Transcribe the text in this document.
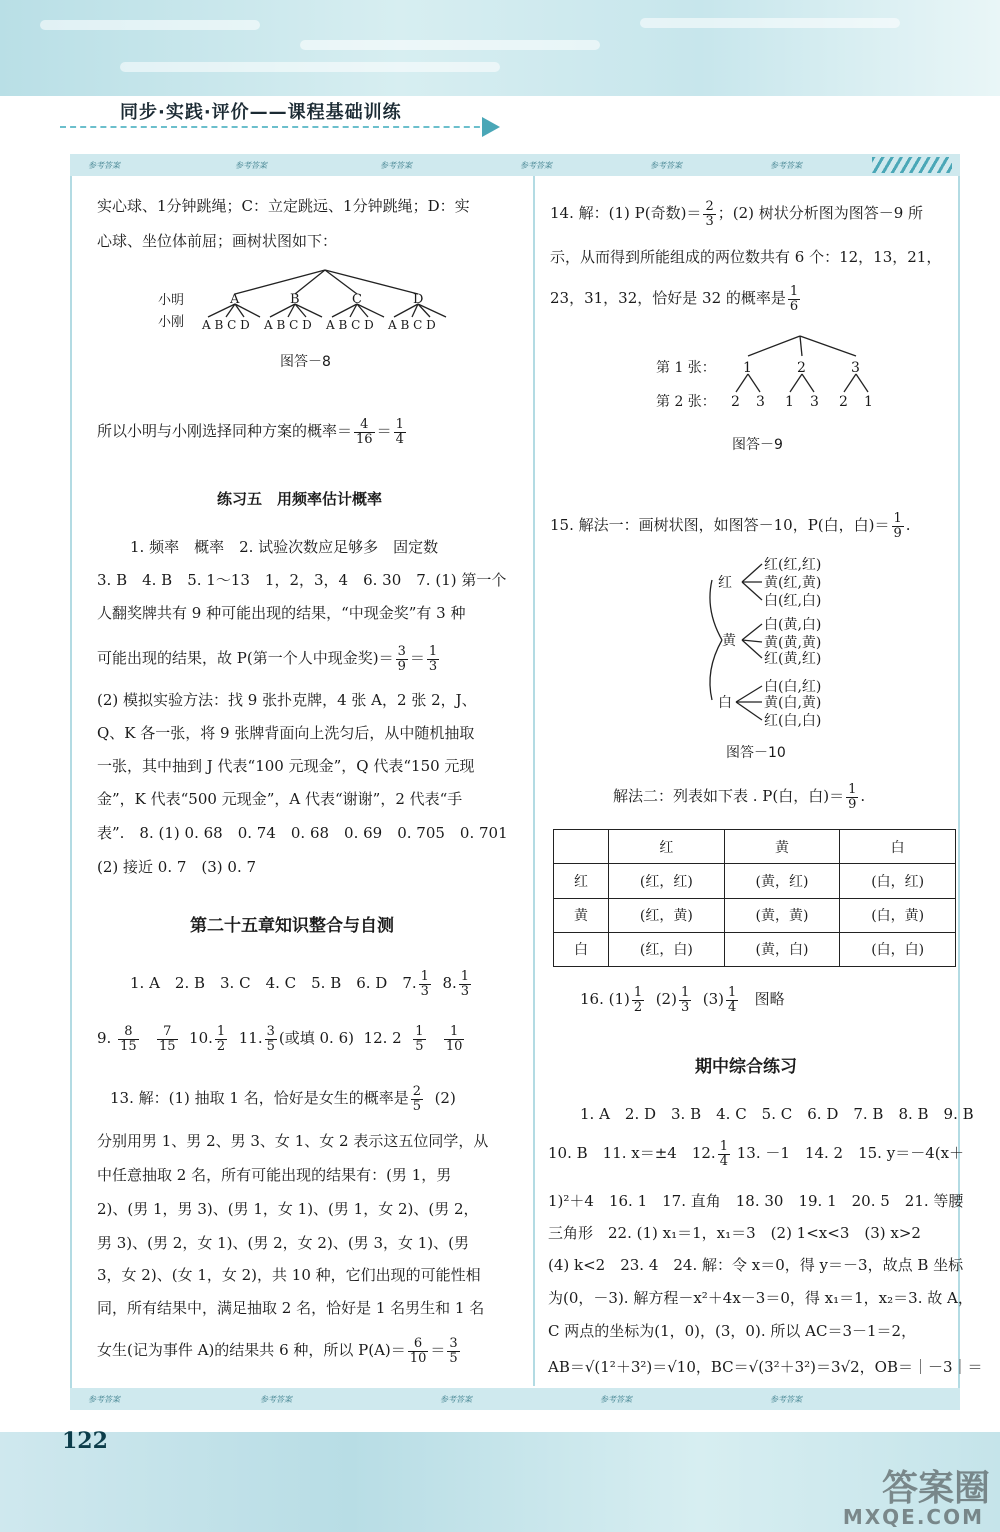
同步·实践·评价——课程基础训练
参考答案	参考答案	参考答案	参考答案	参考答案	参考答案
参考答案	参考答案	参考答案	参考答案	参考答案
实心球、1分钟跳绳；C：立定跳远、1分钟跳绳；D：实
心球、坐位体前屈；画树状图如下：
小明
小刚
A	B	C	D
A B C D A B C D A B C D A B C D
图答－8
所以小明与小刚选择同种方案的概率＝ $\frac{4}{16} = \frac{1}{4}$
练习五　用频率估计概率
1. 频率　概率　2. 试验次数应足够多　固定数
3. B　4. B　5. 1～13　1，2，3，4　6. 30　7. (1) 第一个
人翻奖牌共有 9 种可能出现的结果，“中现金奖”有 3 种
可能出现的结果，故 P(第一个人中现金奖)＝ $\frac{3}{9} = \frac{1}{3}$
(2) 模拟实验方法：找 9 张扑克牌，4 张 A，2 张 2，J、
Q、K 各一张，将 9 张牌背面向上洗匀后，从中随机抽取
一张，其中抽到 J 代表“100 元现金”，Q 代表“150 元现
金”，K 代表“500 元现金”，A 代表“谢谢”，2 代表“手
表”.　8. (1) 0. 68　0. 74　0. 68　0. 69　0. 705　0. 701
(2) 接近 0. 7　(3) 0. 7
第二十五章知识整合与自测
1. A　2. B　3. C　4. C　5. B　6. D　7. $\frac{1}{3} 8$. $\frac{1}{3}$
9. $\frac{8}{15}$
$\frac{7}{15} 10$. $\frac{1}{2} 11$. $\frac{3}{5}$ (或填 0. 6) 12. $2 \frac{1}{5}$
$\frac{1}{10}$
13. 解：(1) 抽取 1 名，恰好是女生的概率是 $\frac{2}{5} (2)$
分别用男 1、男 2、男 3、女 1、女 2 表示这五位同学，从
中任意抽取 2 名，所有可能出现的结果有：(男 1，男
2)、(男 1，男 3)、(男 1，女 1)、(男 1，女 2)、(男 2，
男 3)、(男 2，女 1)、(男 2，女 2)、(男 3，女 1)、(男
3，女 2)、(女 1，女 2)，共 10 种，它们出现的可能性相
同，所有结果中，满足抽取 2 名，恰好是 1 名男生和 1 名
女生(记为事件 A)的结果共 6 种，所以 $P(A)= \frac{6}{10} = \frac{3}{5}$
14. 解：(1) P(奇数)＝ $\frac{2}{3}$ ；(2) 树状分析图为图答－9 所
示，从而得到所能组成的两位数共有 6 个：12，13，21，
23，31，32，恰好是 32 的概率是 $\frac{1}{6}$
第 1 张：
第 2 张：
1	2	3
2 3 1 3 2 1
图答－9
15. 解法一：画树状图，如图答－10，P(白，白)＝ $\frac{1}{9}$ .
红
黄
白
红(红,红)
黄(红,黄)
白(红,白)
白(黄,白)
黄(黄,黄)
红(黄,红)
白(白,红)
黄(白,黄)
红(白,白)
图答－10
解法二：列表如下表 . P(白，白)＝ $\frac{1}{9}$ .
	红	黄	白
红	(红，红)	(黄，红)	(白，红)
黄	(红，黄)	(黄，黄)	(白，黄)
白	(红，白)	(黄，白)	(白，白)
16. $(1) \frac{1}{2} (2) \frac{1}{3} (3) \frac{1}{4}$ 图略
期中综合练习
1. A　2. D　3. B　4. C　5. C　6. D　7. B　8. B　9. B
10. B　11. x＝±4　12. $\frac{1}{4} 13$. －1　14. 2　15. y＝－4(x＋
1)²＋4　16. 1　17. 直角　18. 30　19. 1　20. 5　21. 等腰
三角形　22. (1) x₁＝1，x₁＝3　(2) 1<x<3　(3) x>2
(4) k<2　23. 4　24. 解：令 x＝0，得 y＝－3，故点 B 坐标
为(0，－3). 解方程－x²＋4x－3＝0，得 x₁＝1，x₂＝3. 故 A，
C 两点的坐标为(1，0)，(3，0). 所以 AC＝3－1＝2，
AB＝√(1²＋3²)＝√10，BC＝√(3²＋3²)＝3√2，OB＝｜－3｜＝
122
答案圈
MXQE.COM
